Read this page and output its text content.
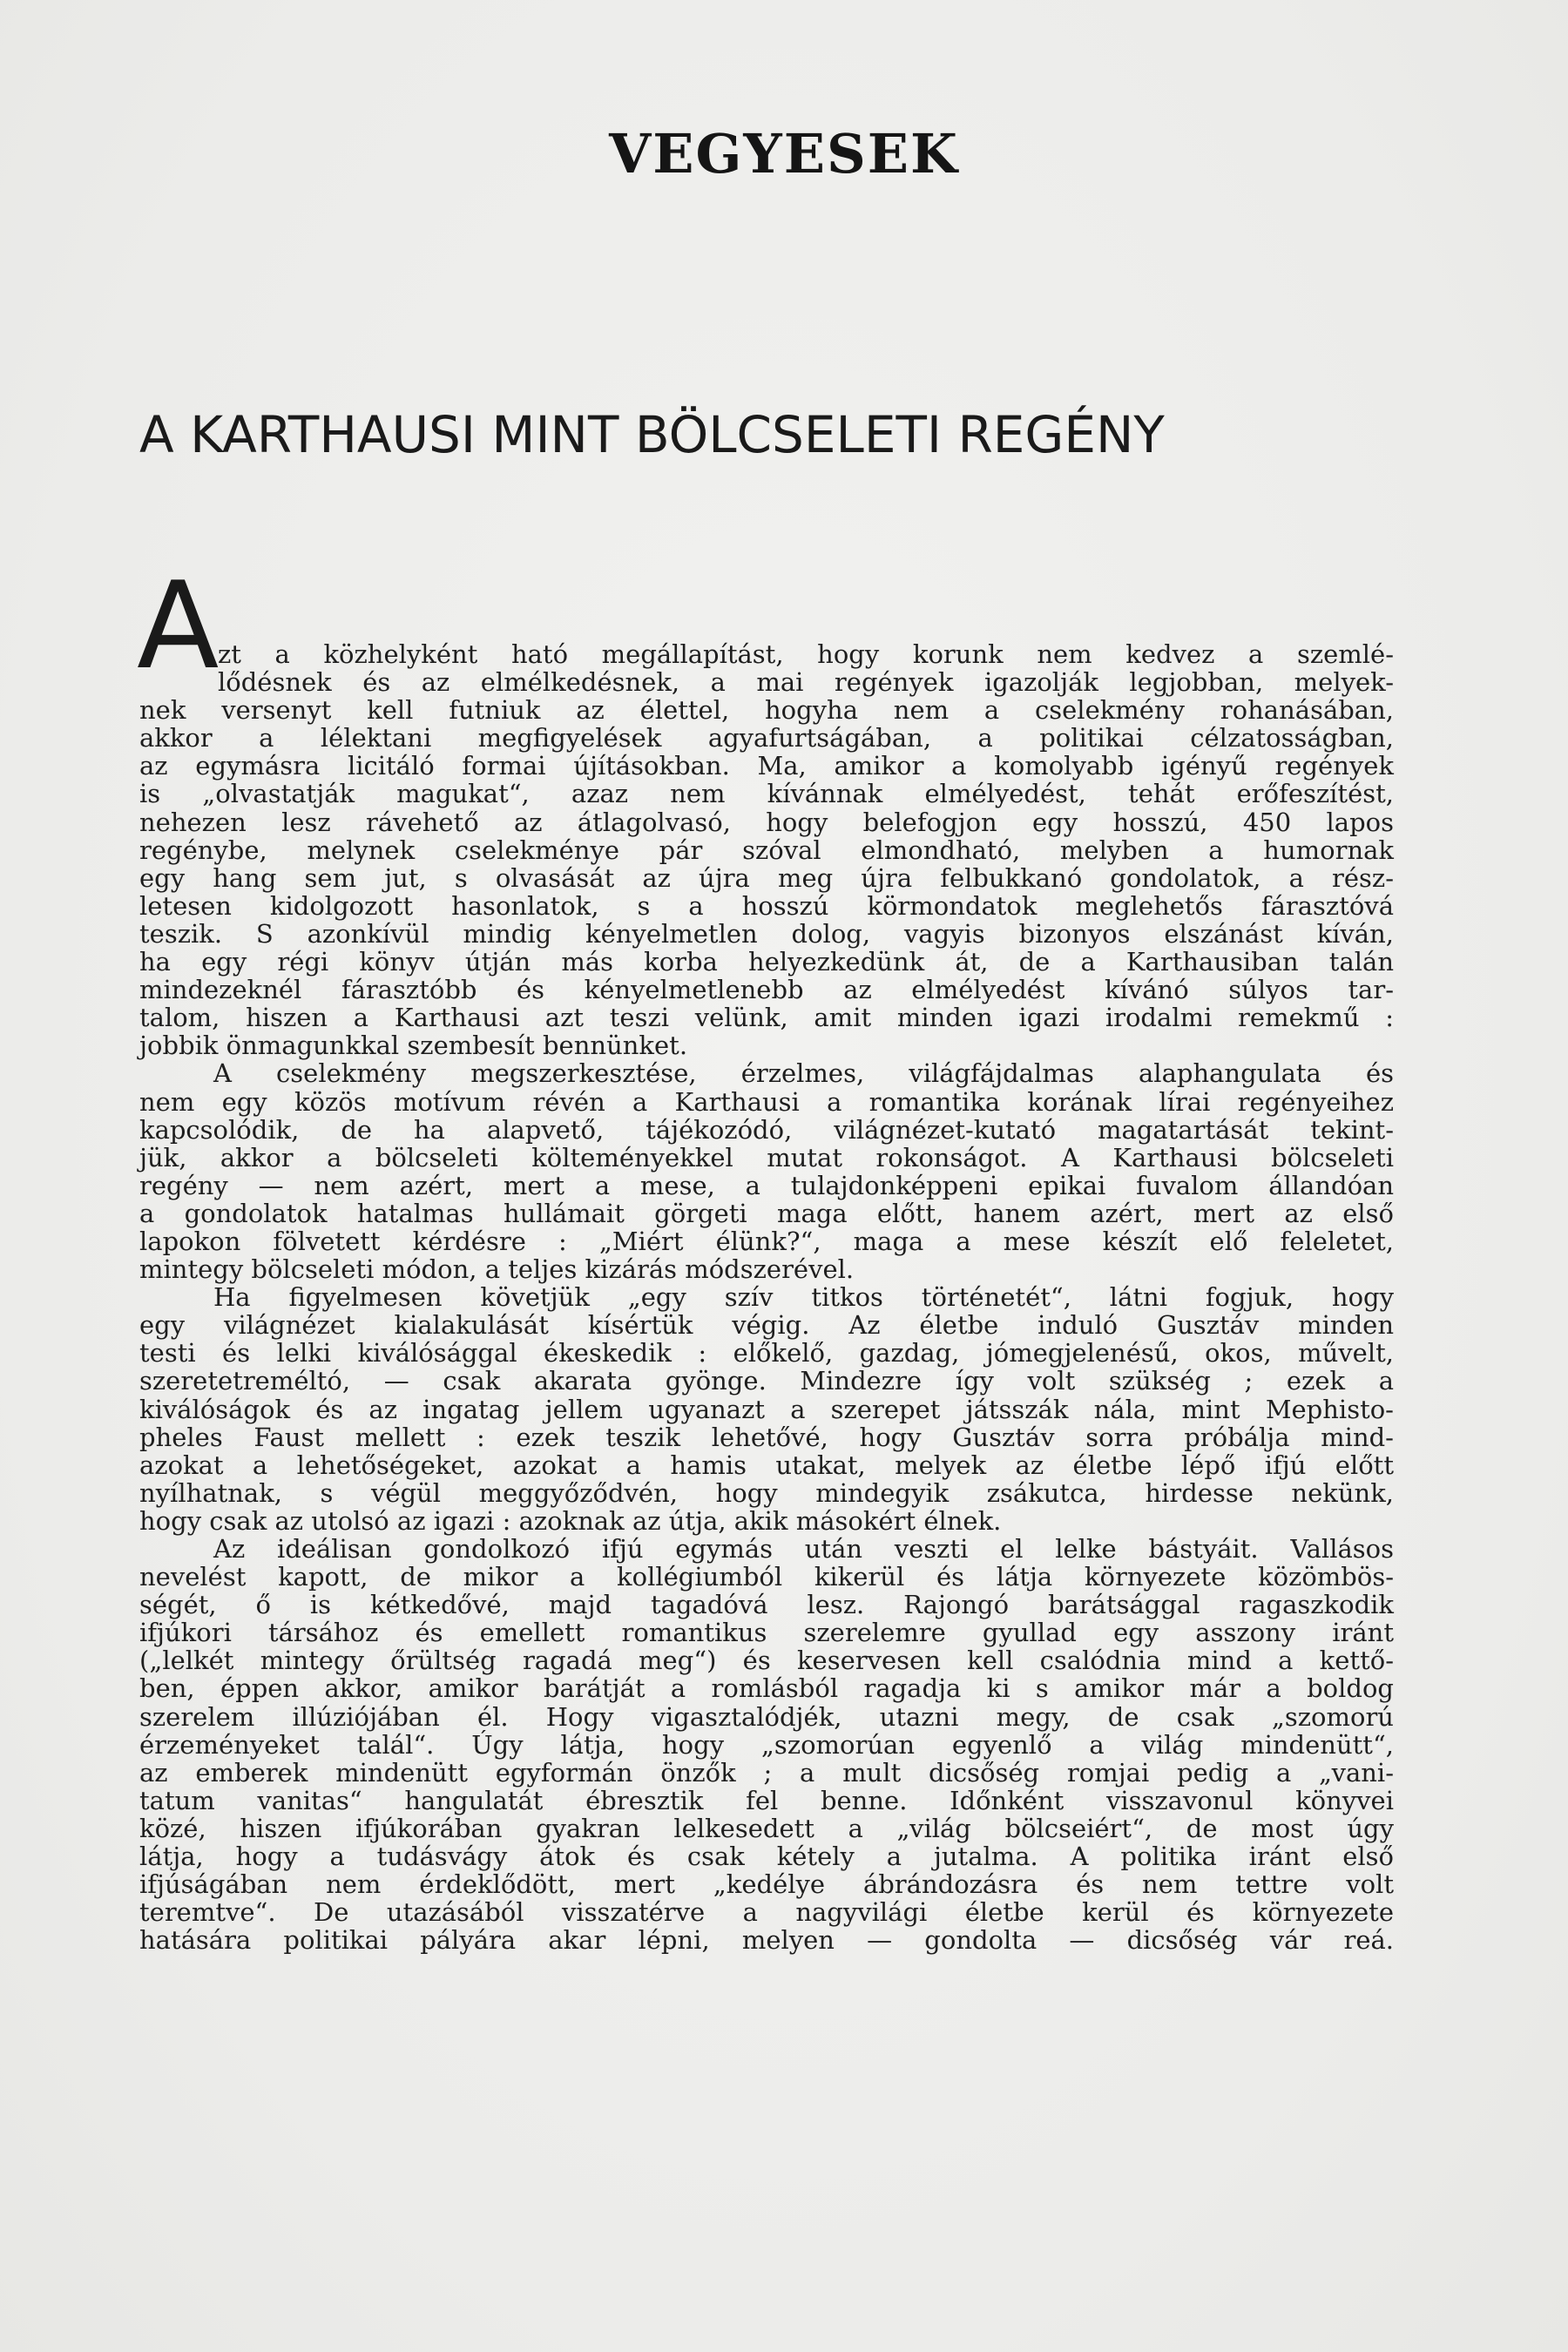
VEGYESEK
A KARTHAUSI MINT BÖLCSELETI REGÉNY
A
zt a közhelyként ható megállapítást, hogy korunk nem kedvez a szemlé-
lődésnek és az elmélkedésnek, a mai regények igazolják legjobban, melyek-
nek versenyt kell futniuk az élettel, hogyha nem a cselekmény rohanásában,
akkor a lélektani megfigyelések agyafurtságában, a politikai célzatosságban,
az egymásra licitáló formai újításokban. Ma, amikor a komolyabb igényű regények
is „olvastatják magukat“, azaz nem kívánnak elmélyedést, tehát erőfeszítést,
nehezen lesz rávehető az átlagolvasó, hogy belefogjon egy hosszú, 450 lapos
regénybe, melynek cselekménye pár szóval elmondható, melyben a humornak
egy hang sem jut, s olvasását az újra meg újra felbukkanó gondolatok, a rész-
letesen kidolgozott hasonlatok, s a hosszú körmondatok meglehetős fárasztóvá
teszik. S azonkívül mindig kényelmetlen dolog, vagyis bizonyos elszánást kíván,
ha egy régi könyv útján más korba helyezkedünk át, de a Karthausiban talán
mindezeknél fárasztóbb és kényelmetlenebb az elmélyedést kívánó súlyos tar-
talom, hiszen a Karthausi azt teszi velünk, amit minden igazi irodalmi remekmű :
jobbik önmagunkkal szembesít bennünket.
A cselekmény megszerkesztése, érzelmes, világfájdalmas alaphangulata és
nem egy közös motívum révén a Karthausi a romantika korának lírai regényeihez
kapcsolódik, de ha alapvető, tájékozódó, világnézet-kutató magatartását tekint-
jük, akkor a bölcseleti költeményekkel mutat rokonságot. A Karthausi bölcseleti
regény — nem azért, mert a mese, a tulajdonképpeni epikai fuvalom állandóan
a gondolatok hatalmas hullámait görgeti maga előtt, hanem azért, mert az első
lapokon fölvetett kérdésre : „Miért élünk?“, maga a mese készít elő feleletet,
mintegy bölcseleti módon, a teljes kizárás módszerével.
Ha figyelmesen követjük „egy szív titkos történetét“, látni fogjuk, hogy
egy világnézet kialakulását kísértük végig. Az életbe induló Gusztáv minden
testi és lelki kiválósággal ékeskedik : előkelő, gazdag, jómegjelenésű, okos, művelt,
szeretetreméltó, — csak akarata gyönge. Mindezre így volt szükség ; ezek a
kiválóságok és az ingatag jellem ugyanazt a szerepet játsszák nála, mint Mephisto-
pheles Faust mellett : ezek teszik lehetővé, hogy Gusztáv sorra próbálja mind-
azokat a lehetőségeket, azokat a hamis utakat, melyek az életbe lépő ifjú előtt
nyílhatnak, s végül meggyőződvén, hogy mindegyik zsákutca, hirdesse nekünk,
hogy csak az utolsó az igazi : azoknak az útja, akik másokért élnek.
Az ideálisan gondolkozó ifjú egymás után veszti el lelke bástyáit. Vallásos
nevelést kapott, de mikor a kollégiumból kikerül és látja környezete közömbös-
ségét, ő is kétkedővé, majd tagadóvá lesz. Rajongó barátsággal ragaszkodik
ifjúkori társához és emellett romantikus szerelemre gyullad egy asszony iránt
(„lelkét mintegy őrültség ragadá meg“) és keservesen kell csalódnia mind a kettő-
ben, éppen akkor, amikor barátját a romlásból ragadja ki s amikor már a boldog
szerelem illúziójában él. Hogy vigasztalódjék, utazni megy, de csak „szomorú
érzeményeket talál“. Úgy látja, hogy „szomorúan egyenlő a világ mindenütt“,
az emberek mindenütt egyformán önzők ; a mult dicsőség romjai pedig a „vani-
tatum vanitas“ hangulatát ébresztik fel benne. Időnként visszavonul könyvei
közé, hiszen ifjúkorában gyakran lelkesedett a „világ bölcseiért“, de most úgy
látja, hogy a tudásvágy átok és csak kétely a jutalma. A politika iránt első
ifjúságában nem érdeklődött, mert „kedélye ábrándozásra és nem tettre volt
teremtve“. De utazásából visszatérve a nagyvilági életbe kerül és környezete
hatására politikai pályára akar lépni, melyen — gondolta — dicsőség vár reá.
